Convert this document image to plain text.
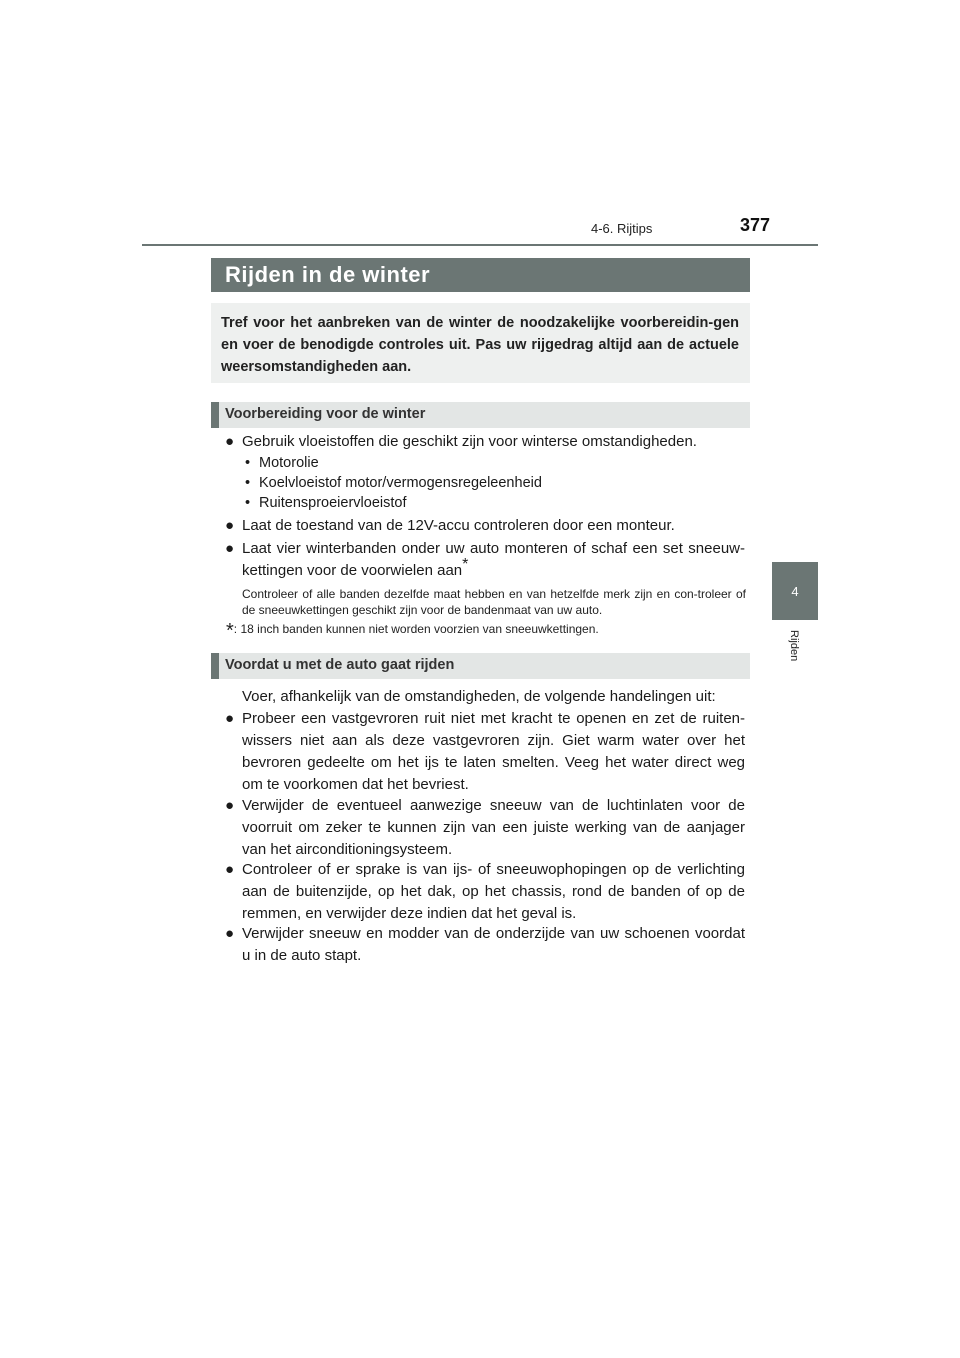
4-6. Rijtips	377
4
Rijden
Rijden in de winter
Tref voor het aanbreken van de winter de noodzakelijke voorbereidin-gen en voer de benodigde controles uit. Pas uw rijgedrag altijd aan de actuele weersomstandigheden aan.
Voorbereiding voor de winter
● Gebruik vloeistoffen die geschikt zijn voor winterse omstandigheden.
• Motorolie
• Koelvloeistof motor/vermogensregeleenheid
• Ruitensproeiervloeistof
● Laat de toestand van de 12V-accu controleren door een monteur.
● Laat vier winterbanden onder uw auto monteren of schaf een set sneeuw-kettingen voor de voorwielen aan*
Controleer of alle banden dezelfde maat hebben en van hetzelfde merk zijn en con-troleer of de sneeuwkettingen geschikt zijn voor de bandenmaat van uw auto.
*: 18 inch banden kunnen niet worden voorzien van sneeuwkettingen.
Voordat u met de auto gaat rijden
Voer, afhankelijk van de omstandigheden, de volgende handelingen uit:
● Probeer een vastgevroren ruit niet met kracht te openen en zet de ruiten-wissers niet aan als deze vastgevroren zijn. Giet warm water over het bevroren gedeelte om het ijs te laten smelten. Veeg het water direct weg om te voorkomen dat het bevriest.
● Verwijder de eventueel aanwezige sneeuw van de luchtinlaten voor de voorruit om zeker te kunnen zijn van een juiste werking van de aanjager van het airconditioningsysteem.
● Controleer of er sprake is van ijs- of sneeuwophopingen op de verlichting aan de buitenzijde, op het dak, op het chassis, rond de banden of op de remmen, en verwijder deze indien dat het geval is.
● Verwijder sneeuw en modder van de onderzijde van uw schoenen voordat u in de auto stapt.
